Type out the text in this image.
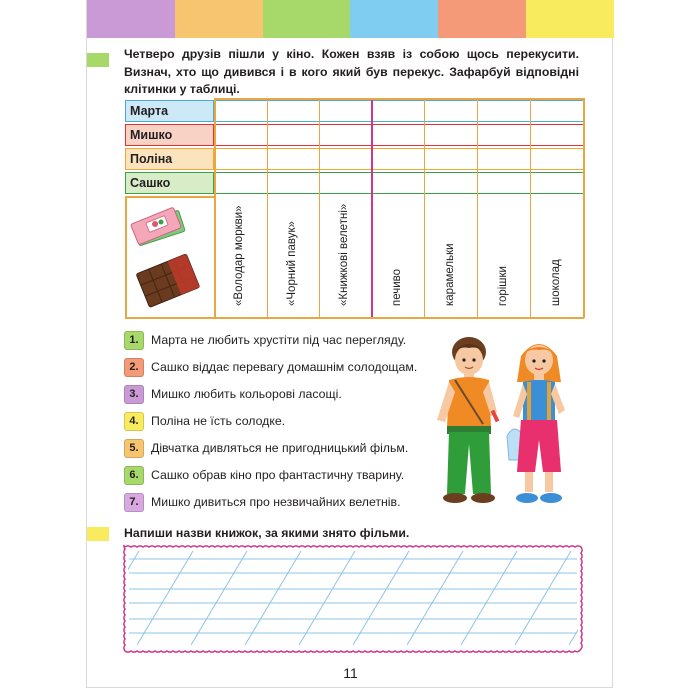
Четверо друзів пішли у кіно. Кожен взяв із собою щось перекусити. Визнач, хто що дивився і в кого який був перекус. Зафарбуй відповідні клітинки у таблиці.

Марта
Мишко
Поліна
Сашко
«Володар моркви»	«Чорний павук»	«Книжкові велетні»	печиво	карамельки	горішки	шоколад
1.	Марта не любить хрустіти під час перегляду.
2.	Сашко віддає перевагу домашнім солодощам.
3.	Мишко любить кольорові ласощі.
4.	Поліна не їсть солодке.
5.	Дівчатка дивляться не пригодницький фільм.
6.	Сашко обрав кіно про фантастичну тварину.
7.	Мишко дивиться про незвичайних велетнів.

Напиши назви книжок, за якими знято фільми.

11
